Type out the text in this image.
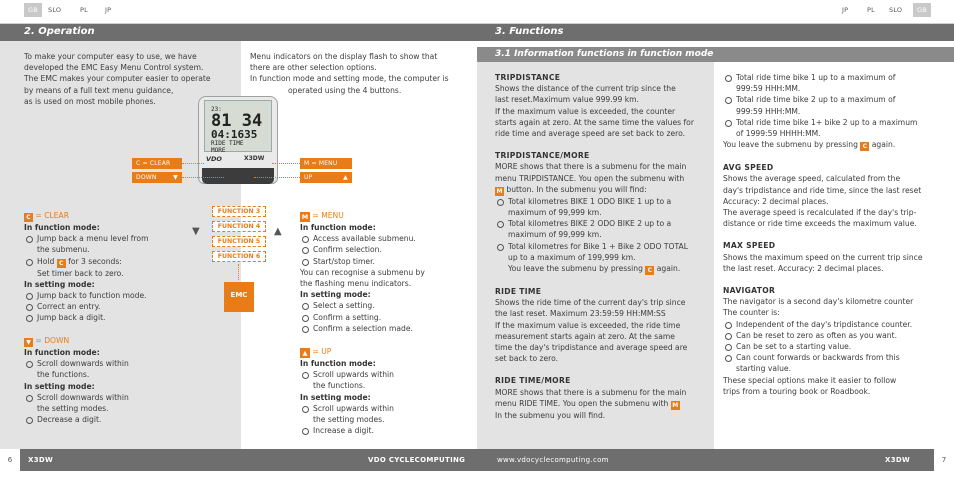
GB	SLO	PL	JP	JP	PL SLO	GB
2. Operation

To make your computer easy to use, we have

developed the EMC Easy Menu Control system.

The EMC makes your computer easier to operate

by means of a full text menu guidance,

as is used on most mobile phones.

Menu indicators on the display flash to show that

there are other selection options.

In function mode and setting mode, the computer is

operated using the 4 buttons.

23:
81 34
04:1635
RIDE TIME
MORE
VDO	X3DW
C = CLEAR
DOWN	▼
M = MENU
UP	▲
FUNCTION 3
FUNCTION 4
FUNCTION 5
FUNCTION 6
▼	▲
EMC

C = CLEAR

In function mode:

Jump back a menu level from

the submenu.

Hold C for 3 seconds:

Set timer back to zero.

In setting mode:

Jump back to function mode.

Correct an entry.

Jump back a digit.

▼ = DOWN

In function mode:

Scroll downwards within

the functions.

In setting mode:

Scroll downwards within

the setting modes.

Decrease a digit.

M = MENU

In function mode:

Access available submenu.

Confirm selection.

Start/stop timer.

You can recognise a submenu by

the flashing menu indicators.

In setting mode:

Select a setting.

Confirm a setting.

Confirm a selection made.

▲ = UP

In function mode:

Scroll upwards within

the functions.

In setting mode:

Scroll upwards within

the setting modes.

Increase a digit.

6	X3DW	VDO CYCLECOMPUTING
3. Functions
3.1 Information functions in function mode

TRIPDISTANCE

Shows the distance of the current trip since the

last reset.Maximum value 999.99 km.

If the maximum value is exceeded, the counter

starts again at zero. At the same time the values for

ride time and average speed are set back to zero.

TRIPDISTANCE/MORE

MORE shows that there is a submenu for the main

menu TRIPDISTANCE. You open the submenu with

M button. In the submenu you will find:

Total kilometres BIKE 1 ODO BIKE 1 up to a

maximum of 99,999 km.

Total kilometres BIKE 2 ODO BIKE 2 up to a

maximum of 99,999 km.

Total kilometres for Bike 1 + Bike 2 ODO TOTAL

up to a maximum of 199,999 km.

You leave the submenu by pressing C again.

RIDE TIME

Shows the ride time of the current day's trip since

the last reset. Maximum 23:59:59 HH:MM:SS

If the maximum value is exceeded, the ride time

measurement starts again at zero. At the same

time the day's tripdistance and average speed are

set back to zero.

RIDE TIME/MORE

MORE shows that there is a submenu for the main

menu RIDE TIME. You open the submenu with M

In the submenu you will find.

Total ride time bike 1 up to a maximum of

999:59 HHH:MM.

Total ride time bike 2 up to a maximum of

999:59 HHH:MM.

Total ride time bike 1+ bike 2 up to a maximum

of 1999:59 HHHH:MM.

You leave the submenu by pressing C again.

AVG SPEED

Shows the average speed, calculated from the

day's tripdistance and ride time, since the last reset

Accuracy: 2 decimal places.

The average speed is recalculated if the day's trip-

distance or ride time exceeds the maximum value.

MAX SPEED

Shows the maximum speed on the current trip since

the last reset. Accuracy: 2 decimal places.

NAVIGATOR

The navigator is a second day's kilometre counter

The counter is:

Independent of the day's tripdistance counter.

Can be reset to zero as often as you want.

Can be set to a starting value.

Can count forwards or backwards from this

starting value.

These special options make it easier to follow

trips from a touring book or Roadbook.

www.vdocyclecomputing.com	X3DW	7
